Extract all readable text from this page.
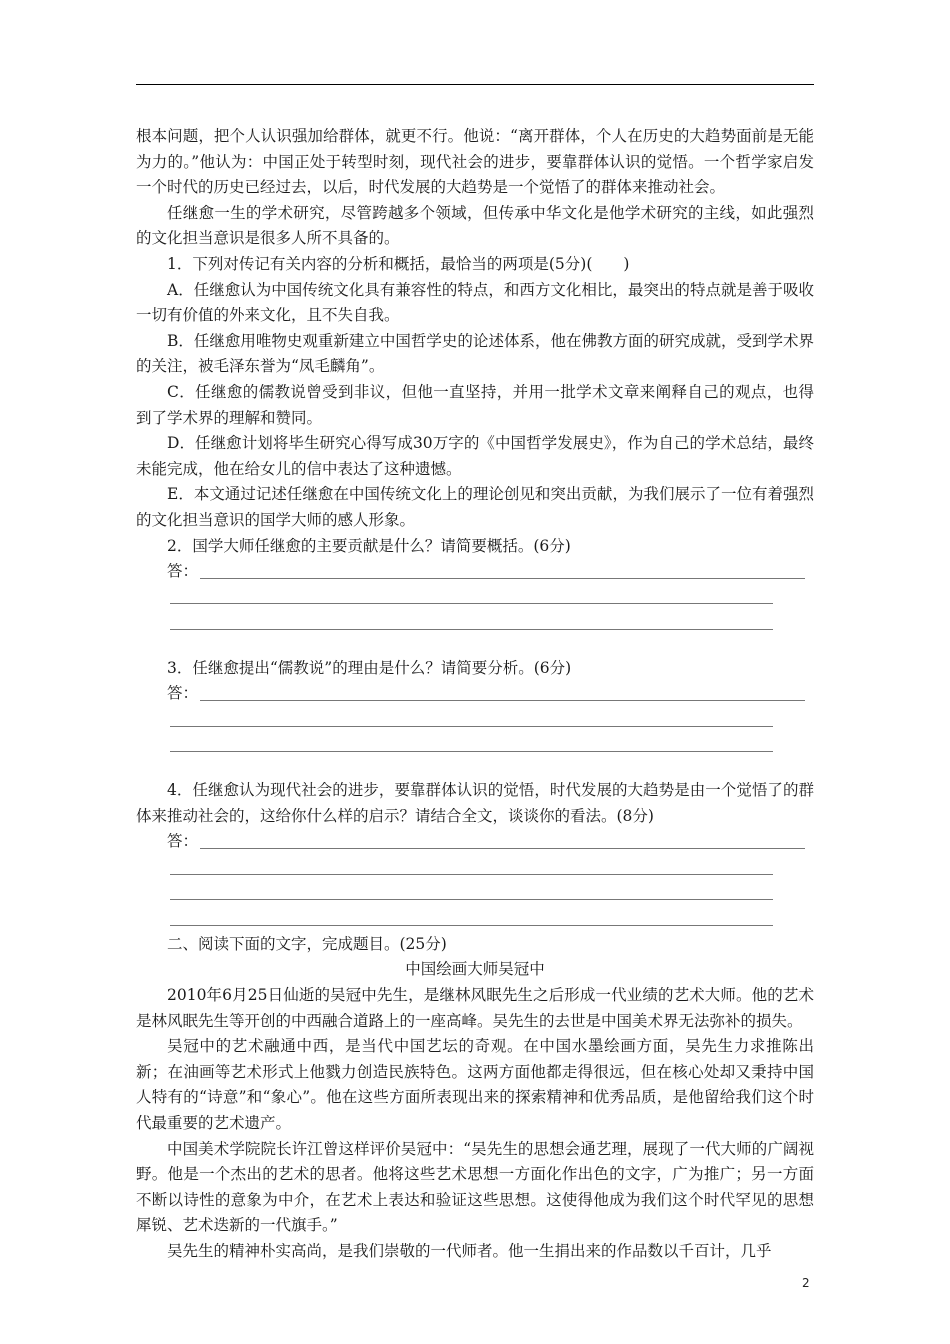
根本问题，把个人认识强加给群体，就更不行。他说：“离开群体，个人在历史的大趋势面前是无能为力的。”他认为：中国正处于转型时刻，现代社会的进步，要靠群体认识的觉悟。一个哲学家启发一个时代的历史已经过去，以后，时代发展的大趋势是一个觉悟了的群体来推动社会。

任继愈一生的学术研究，尽管跨越多个领域，但传承中华文化是他学术研究的主线，如此强烈的文化担当意识是很多人所不具备的。

1．下列对传记有关内容的分析和概括，最恰当的两项是(5分)(　　)

A．任继愈认为中国传统文化具有兼容性的特点，和西方文化相比，最突出的特点就是善于吸收一切有价值的外来文化，且不失自我。

B．任继愈用唯物史观重新建立中国哲学史的论述体系，他在佛教方面的研究成就，受到学术界的关注，被毛泽东誉为“凤毛麟角”。

C．任继愈的儒教说曾受到非议，但他一直坚持，并用一批学术文章来阐释自己的观点，也得到了学术界的理解和赞同。

D．任继愈计划将毕生研究心得写成30万字的《中国哲学发展史》，作为自己的学术总结，最终未能完成，他在给女儿的信中表达了这种遗憾。

E．本文通过记述任继愈在中国传统文化上的理论创见和突出贡献，为我们展示了一位有着强烈的文化担当意识的国学大师的感人形象。

2．国学大师任继愈的主要贡献是什么？请简要概括。(6分)

答：

3．任继愈提出“儒教说”的理由是什么？请简要分析。(6分)

答：

4．任继愈认为现代社会的进步，要靠群体认识的觉悟，时代发展的大趋势是由一个觉悟了的群体来推动社会的，这给你什么样的启示？请结合全文，谈谈你的看法。(8分)

答：

二、阅读下面的文字，完成题目。(25分)

中国绘画大师吴冠中

2010年6月25日仙逝的吴冠中先生，是继林风眠先生之后形成一代业绩的艺术大师。他的艺术是林风眠先生等开创的中西融合道路上的一座高峰。吴先生的去世是中国美术界无法弥补的损失。

吴冠中的艺术融通中西，是当代中国艺坛的奇观。在中国水墨绘画方面，吴先生力求推陈出新；在油画等艺术形式上他戮力创造民族特色。这两方面他都走得很远，但在核心处却又秉持中国人特有的“诗意”和“象心”。他在这些方面所表现出来的探索精神和优秀品质，是他留给我们这个时代最重要的艺术遗产。

中国美术学院院长许江曾这样评价吴冠中：“吴先生的思想会通艺理，展现了一代大师的广阔视野。他是一个杰出的艺术的思者。他将这些艺术思想一方面化作出色的文字，广为推广；另一方面不断以诗性的意象为中介，在艺术上表达和验证这些思想。这使得他成为我们这个时代罕见的思想犀锐、艺术迭新的一代旗手。”

吴先生的精神朴实高尚，是我们崇敬的一代师者。他一生捐出来的作品数以千百计，几乎

2
